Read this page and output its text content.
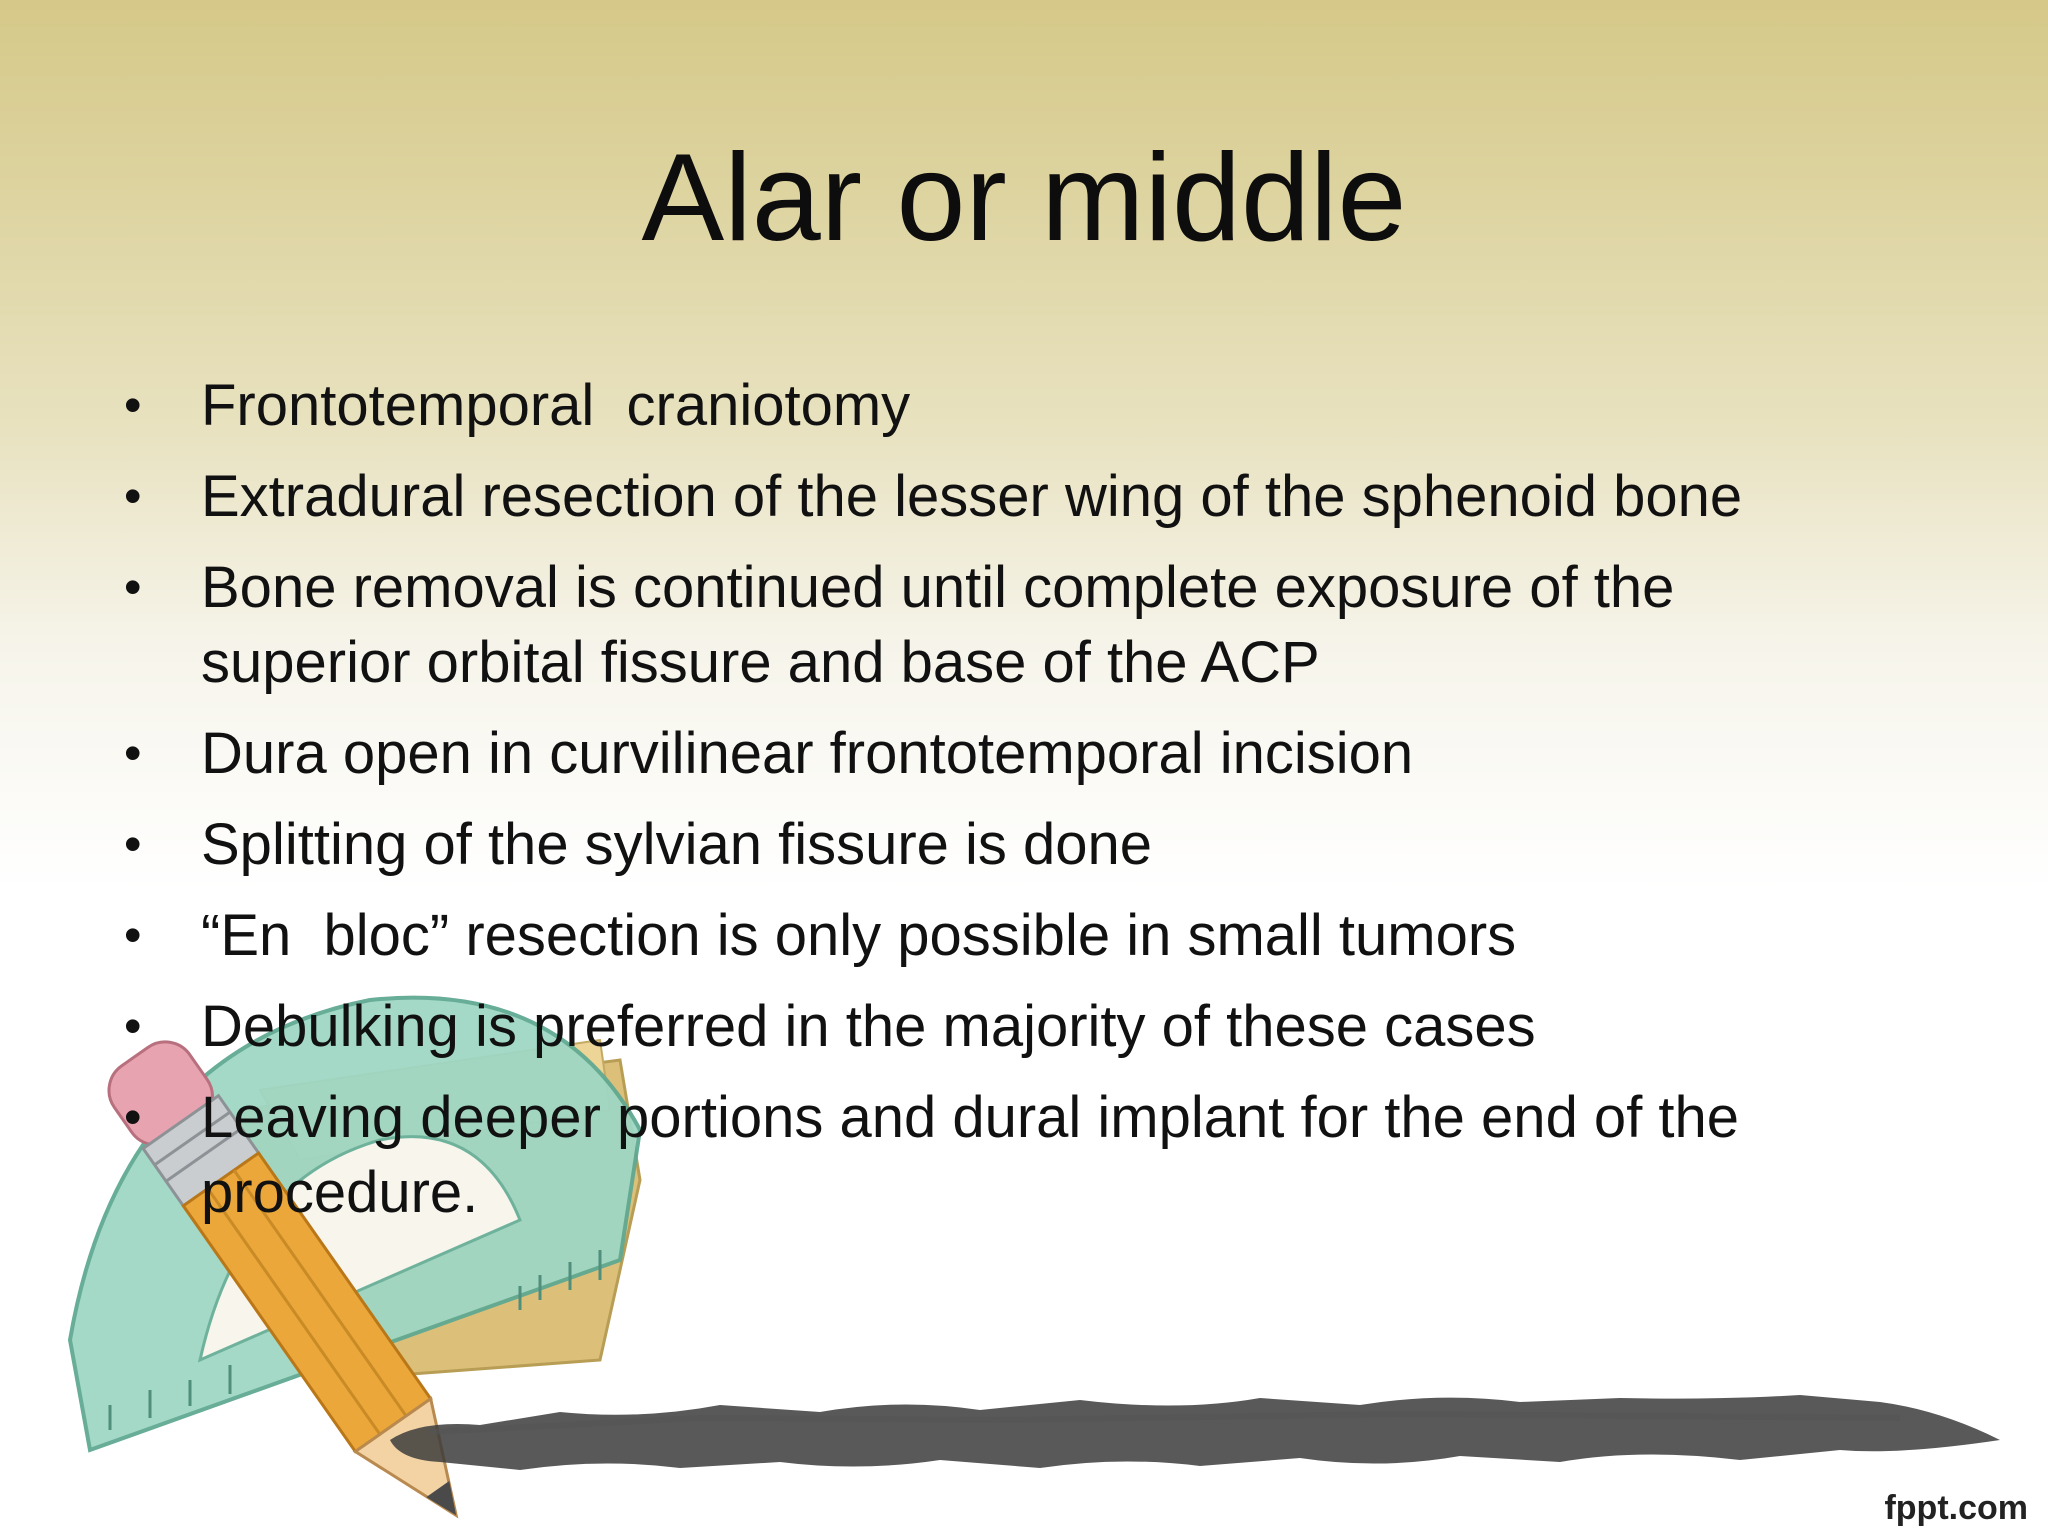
Alar or middle
• Frontotemporal  craniotomy
• Extradural resection of the lesser wing of the sphenoid bone
• Bone removal is continued until complete exposure of the superior orbital fissure and base of the ACP
• Dura open in curvilinear frontotemporal incision
• Splitting of the sylvian fissure is done
• “En  bloc” resection is only possible in small tumors
• Debulking is preferred in the majority of these cases
• Leaving deeper portions and dural implant for the end of the procedure.
fppt.com
